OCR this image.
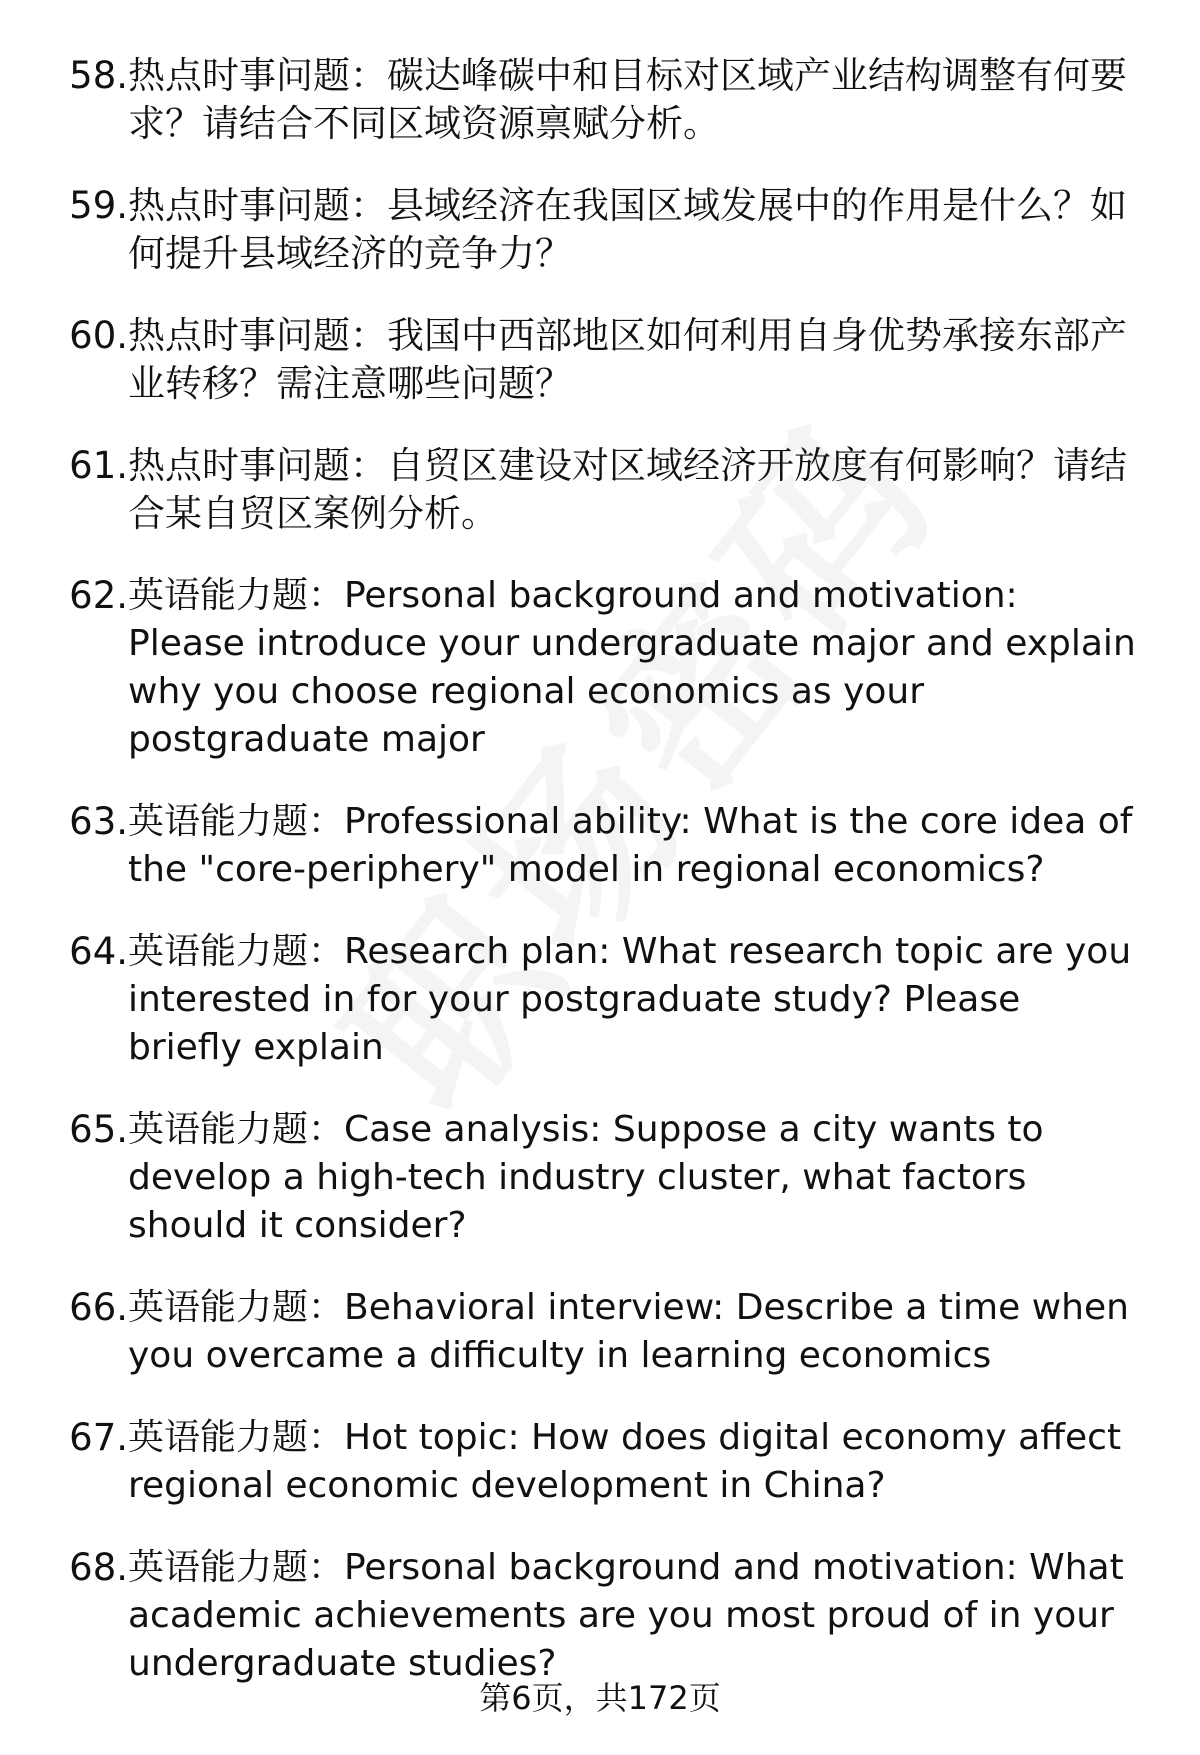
58. 热点时事问题：碳达峰碳中和目标对区域产业结构调整有何要求？请结合不同区域资源禀赋分析。
59. 热点时事问题：县域经济在我国区域发展中的作用是什么？如何提升县域经济的竞争力？
60. 热点时事问题：我国中西部地区如何利用自身优势承接东部产业转移？需注意哪些问题？
61. 热点时事问题：自贸区建设对区域经济开放度有何影响？请结合某自贸区案例分析。
62. 英语能力题：Personal background and motivation: Please introduce your undergraduate major and explain why you choose regional economics as your postgraduate major
63. 英语能力题：Professional ability: What is the core idea of the "core-periphery" model in regional economics?
64. 英语能力题：Research plan: What research topic are you interested in for your postgraduate study? Please briefly explain
65. 英语能力题：Case analysis: Suppose a city wants to develop a high-tech industry cluster, what factors should it consider?
66. 英语能力题：Behavioral interview: Describe a time when you overcame a difficulty in learning economics
67. 英语能力题：Hot topic: How does digital economy affect regional economic development in China?
68. 英语能力题：Personal background and motivation: What academic achievements are you most proud of in your undergraduate studies?
第6页，共172页
